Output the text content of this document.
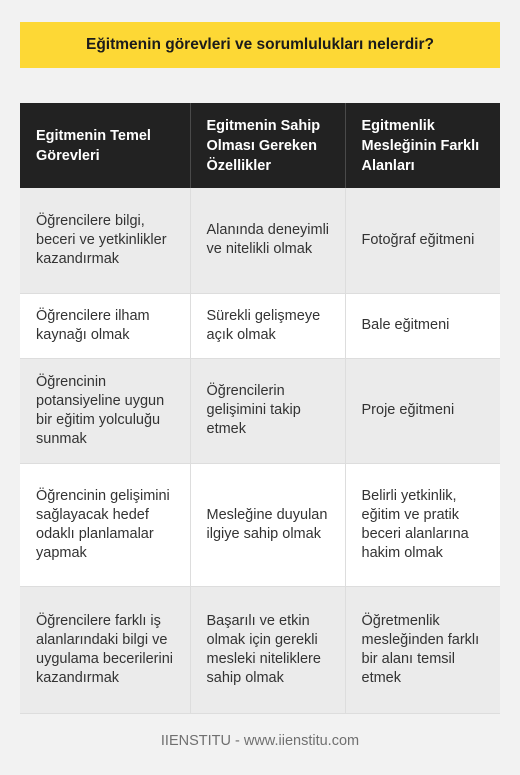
Eğitmenin görevleri ve sorumlulukları nelerdir?
Egitmenin Temel Görevleri	Egitmenin Sahip Olması Gereken Özellikler	Egitmenlik Mesleğinin Farklı Alanları
Öğrencilere bilgi, beceri ve yetkinlikler kazandırmak	Alanında deneyimli ve nitelikli olmak	Fotoğraf eğitmeni
Öğrencilere ilham kaynağı olmak	Sürekli gelişmeye açık olmak	Bale eğitmeni
Öğrencinin potansiyeline uygun bir eğitim yolculuğu sunmak	Öğrencilerin gelişimini takip etmek	Proje eğitmeni
Öğrencinin gelişimini sağlayacak hedef odaklı planlamalar yapmak	Mesleğine duyulan ilgiye sahip olmak	Belirli yetkinlik, eğitim ve pratik beceri alanlarına hakim olmak
Öğrencilere farklı iş alanlarındaki bilgi ve uygulama becerilerini kazandırmak	Başarılı ve etkin olmak için gerekli mesleki niteliklere sahip olmak	Öğretmenlik mesleğinden farklı bir alanı temsil etmek
IIENSTITU - www.iienstitu.com
